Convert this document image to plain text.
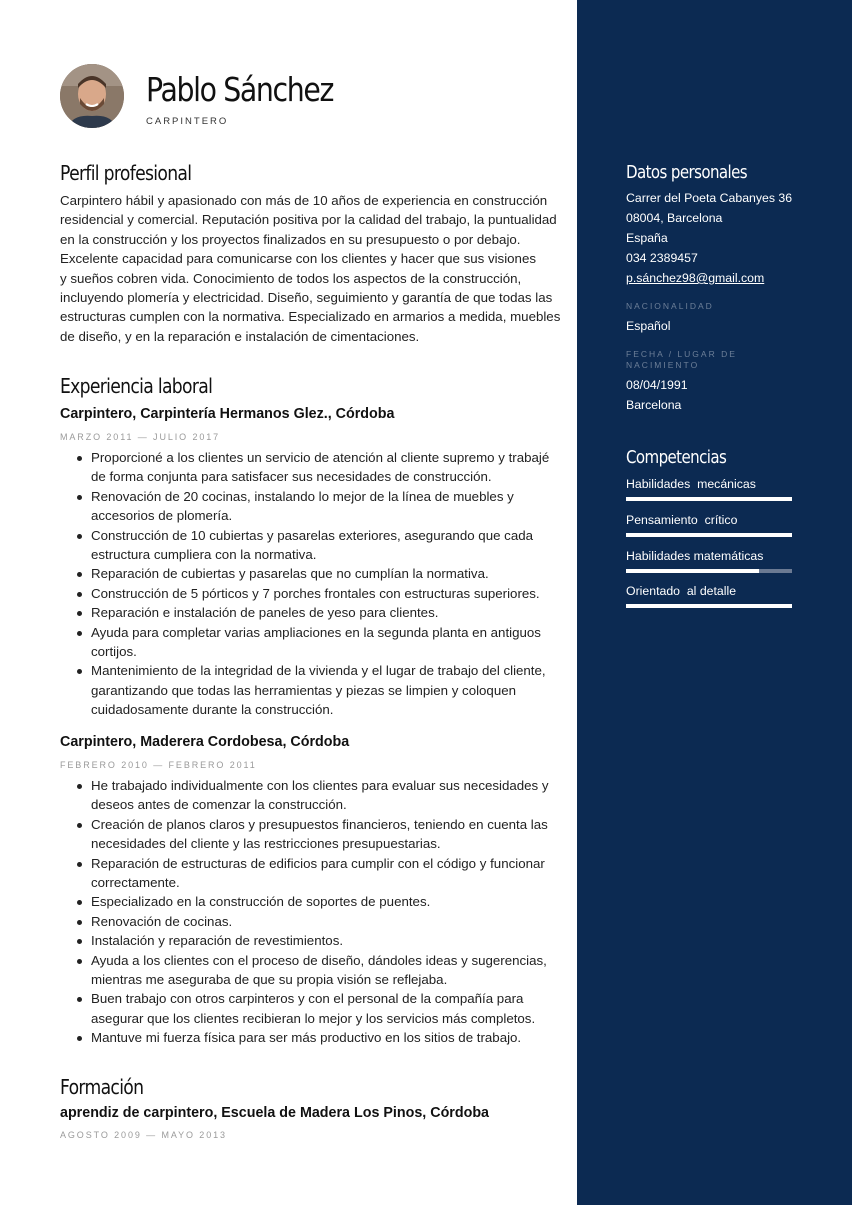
Pablo Sánchez
CARPINTERO
Perfil profesional
Carpintero hábil y apasionado con más de 10 años de experiencia en construcción
residencial y comercial. Reputación positiva por la calidad del trabajo, la puntualidad
en la construcción y los proyectos finalizados en su presupuesto o por debajo.
Excelente capacidad para comunicarse con los clientes y hacer que sus visiones
y sueños cobren vida. Conocimiento de todos los aspectos de la construcción,
incluyendo plomería y electricidad. Diseño, seguimiento y garantía de que todas las
estructuras cumplen con la normativa. Especializado en armarios a medida, muebles
de diseño, y en la reparación e instalación de cimentaciones.
Experiencia laboral
Carpintero, Carpintería Hermanos Glez., Córdoba
MARZO 2011 — JULIO 2017
Proporcioné a los clientes un servicio de atención al cliente supremo y trabajé
de forma conjunta para satisfacer sus necesidades de construcción.
Renovación de 20 cocinas, instalando lo mejor de la línea de muebles y
accesorios de plomería.
Construcción de 10 cubiertas y pasarelas exteriores, asegurando que cada
estructura cumpliera con la normativa.
Reparación de cubiertas y pasarelas que no cumplían la normativa.
Construcción de 5 pórticos y 7 porches frontales con estructuras superiores.
Reparación e instalación de paneles de yeso para clientes.
Ayuda para completar varias ampliaciones en la segunda planta en antiguos
cortijos.
Mantenimiento de la integridad de la vivienda y el lugar de trabajo del cliente,
garantizando que todas las herramientas y piezas se limpien y coloquen
cuidadosamente durante la construcción.
Carpintero, Maderera Cordobesa, Córdoba
FEBRERO 2010 — FEBRERO 2011
He trabajado individualmente con los clientes para evaluar sus necesidades y
deseos antes de comenzar la construcción.
Creación de planos claros y presupuestos financieros, teniendo en cuenta las
necesidades del cliente y las restricciones presupuestarias.
Reparación de estructuras de edificios para cumplir con el código y funcionar
correctamente.
Especializado en la construcción de soportes de puentes.
Renovación de cocinas.
Instalación y reparación de revestimientos.
Ayuda a los clientes con el proceso de diseño, dándoles ideas y sugerencias,
mientras me aseguraba de que su propia visión se reflejaba.
Buen trabajo con otros carpinteros y con el personal de la compañía para
asegurar que los clientes recibieran lo mejor y los servicios más completos.
Mantuve mi fuerza física para ser más productivo en los sitios de trabajo.
Formación
aprendiz de carpintero, Escuela de Madera Los Pinos, Córdoba
AGOSTO 2009 — MAYO 2013
Datos personales
Carrer del Poeta Cabanyes 36
08004, Barcelona
España
034 2389457
p.sánchez98@gmail.com
NACIONALIDAD
Español
FECHA / LUGAR DE
NACIMIENTO
08/04/1991
Barcelona
Competencias
Habilidades  mecánicas
Pensamiento  crítico
Habilidades matemáticas
Orientado  al detalle
